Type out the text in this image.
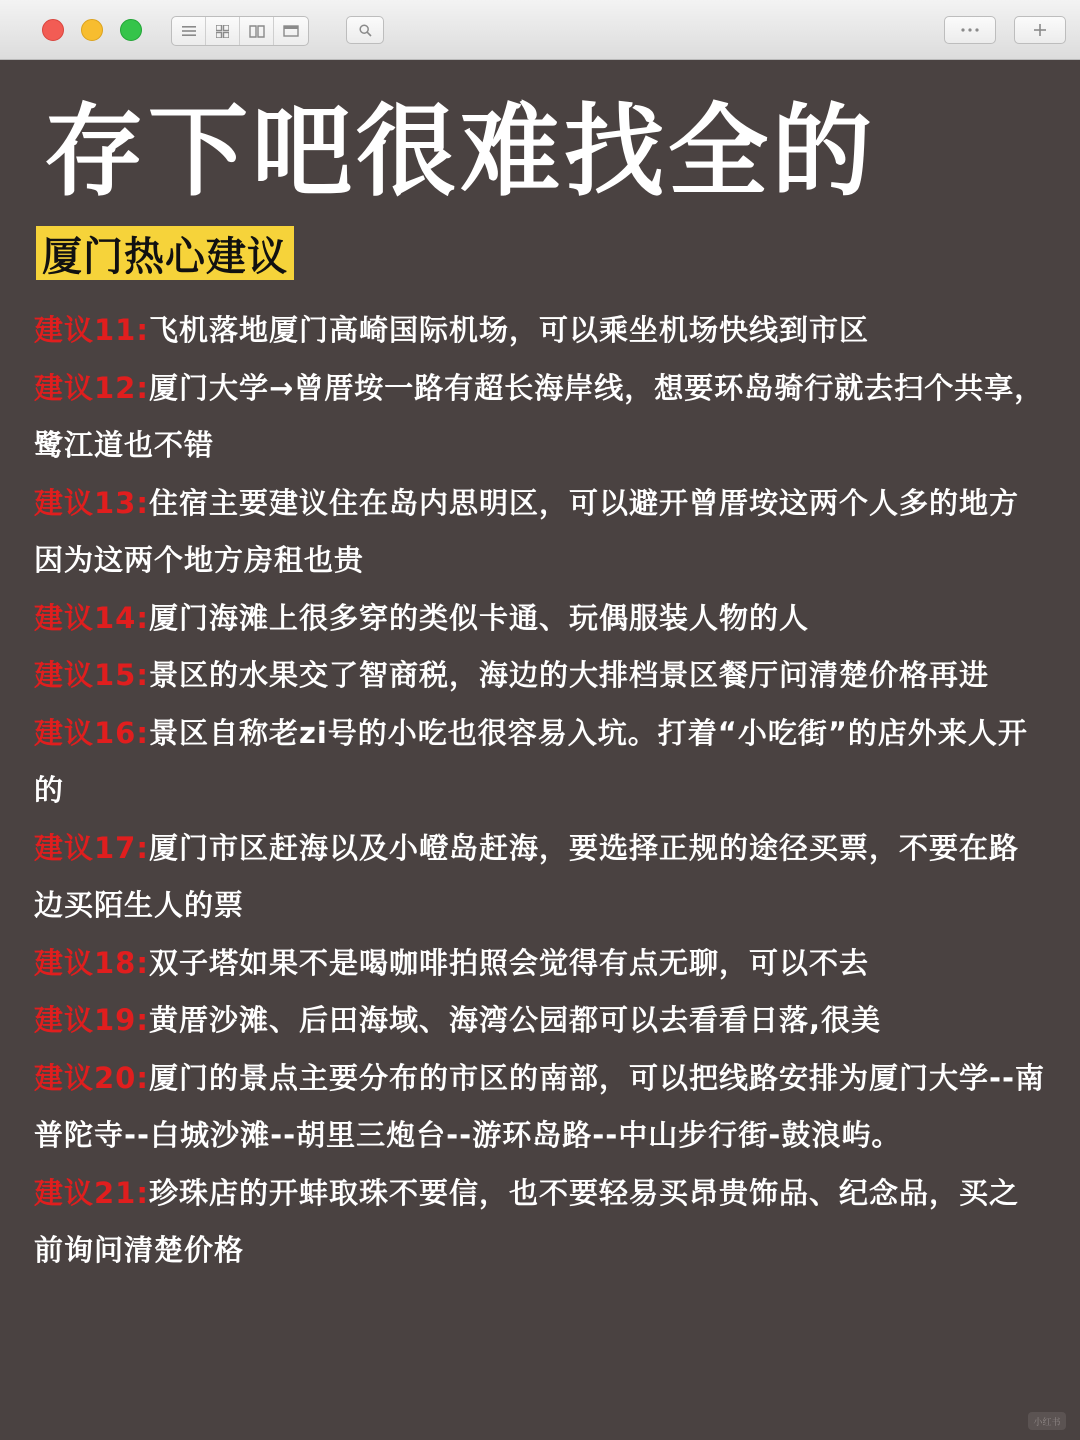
存下吧很难找全的
厦门热心建议
建议11:飞机落地厦门高崎国际机场，可以乘坐机场快线到市区
建议12:厦门大学→曾厝垵一路有超长海岸线，想要环岛骑行就去扫个共享，鹭江道也不错
建议13:住宿主要建议住在岛内思明区，可以避开曾厝垵这两个人多的地方因为这两个地方房租也贵
建议14:厦门海滩上很多穿的类似卡通、玩偶服装人物的人
建议15:景区的水果交了智商税，海边的大排档景区餐厅问清楚价格再进
建议16:景区自称老zi号的小吃也很容易入坑。打着“小吃街”的店外来人开的
建议17:厦门市区赶海以及小嶝岛赶海，要选择正规的途径买票，不要在路边买陌生人的票
建议18:双子塔如果不是喝咖啡拍照会觉得有点无聊，可以不去
建议19:黄厝沙滩、后田海域、海湾公园都可以去看看日落,很美
建议20:厦门的景点主要分布的市区的南部，可以把线路安排为厦门大学--南普陀寺--白城沙滩--胡里三炮台--游环岛路--中山步行街-鼓浪屿。
建议21:珍珠店的开蚌取珠不要信，也不要轻易买昂贵饰品、纪念品，买之前询问清楚价格
小红书
